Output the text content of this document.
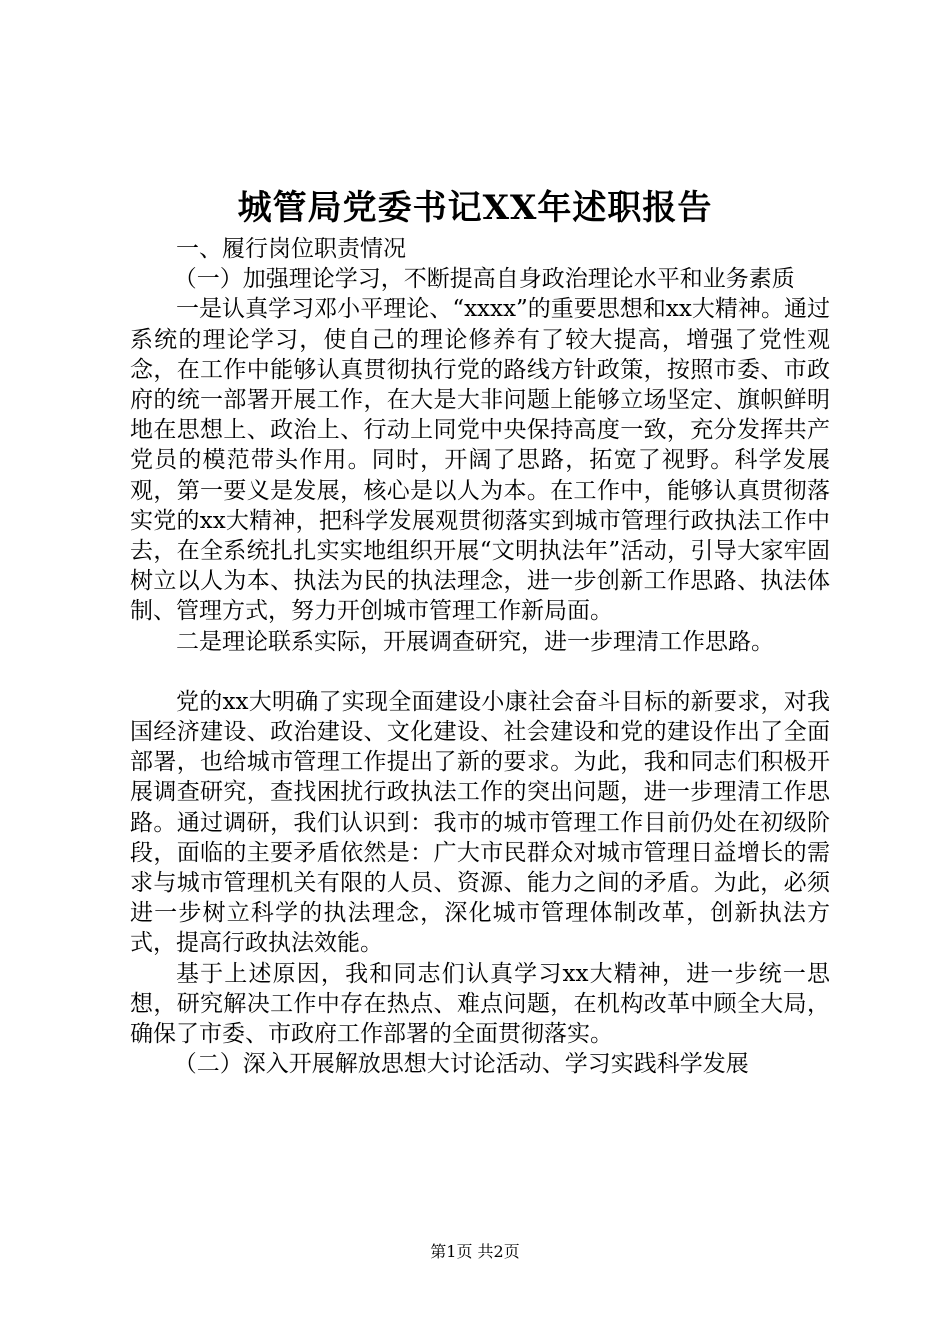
城管局党委书记XX年述职报告

一、履行岗位职责情况

（一）加强理论学习，不断提高自身政治理论水平和业务素质

一是认真学习邓小平理论、“xxxx”的重要思想和xx大精神。通过系统的理论学习，使自己的理论修养有了较大提高，增强了党性观念，在工作中能够认真贯彻执行党的路线方针政策，按照市委、市政府的统一部署开展工作，在大是大非问题上能够立场坚定、旗帜鲜明地在思想上、政治上、行动上同党中央保持高度一致，充分发挥共产党员的模范带头作用。同时，开阔了思路，拓宽了视野。科学发展观，第一要义是发展，核心是以人为本。在工作中，能够认真贯彻落实党的xx大精神，把科学发展观贯彻落实到城市管理行政执法工作中去，在全系统扎扎实实地组织开展“文明执法年”活动，引导大家牢固树立以人为本、执法为民的执法理念，进一步创新工作思路、执法体制、管理方式，努力开创城市管理工作新局面。

二是理论联系实际，开展调查研究，进一步理清工作思路。

党的xx大明确了实现全面建设小康社会奋斗目标的新要求，对我国经济建设、政治建设、文化建设、社会建设和党的建设作出了全面部署，也给城市管理工作提出了新的要求。为此，我和同志们积极开展调查研究，查找困扰行政执法工作的突出问题，进一步理清工作思路。通过调研，我们认识到：我市的城市管理工作目前仍处在初级阶段，面临的主要矛盾依然是：广大市民群众对城市管理日益增长的需求与城市管理机关有限的人员、资源、能力之间的矛盾。为此，必须进一步树立科学的执法理念，深化城市管理体制改革，创新执法方式，提高行政执法效能。

基于上述原因，我和同志们认真学习xx大精神，进一步统一思想，研究解决工作中存在热点、难点问题，在机构改革中顾全大局，确保了市委、市政府工作部署的全面贯彻落实。

（二）深入开展解放思想大讨论活动、学习实践科学发展

第1页 共2页
